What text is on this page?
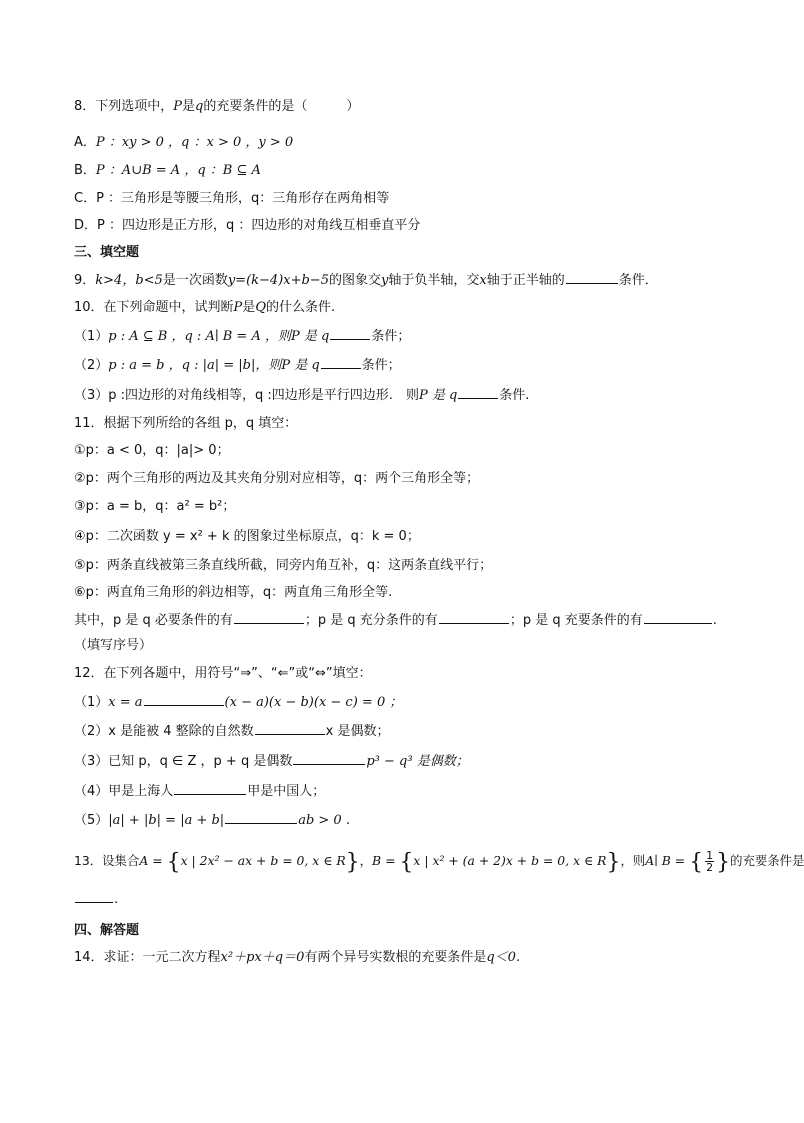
8．下列选项中，P是q的充要条件的是（　　　）
A．P ：xy > 0 ，q ：x > 0 ，y > 0
B．P ：A∪B = A ，q ：B ⊆ A
C．P ：三角形是等腰三角形，q：三角形存在两角相等
D．P ：四边形是正方形，q ：四边形的对角线互相垂直平分
三、填空题
9．k>4，b<5是一次函数y=(k−4)x+b−5的图象交y轴于负半轴，交x轴于正半轴的	条件．
10．在下列命题中，试判断P是Q的什么条件.
（1）p : A ⊆ B ，q : A∣ B = A ，则P 是 q	条件；
（2）p : a = b ，q : |a| = |b|，则P 是 q	条件；
（3）p :四边形的对角线相等，q :四边形是平行四边形.　则P 是 q	条件.
11．根据下列所给的各组 p，q 填空：
①p：a < 0，q：|a|> 0；
②p：两个三角形的两边及其夹角分别对应相等，q：两个三角形全等；
③p：a = b，q：a² = b²；
④p：二次函数 y = x² + k 的图象过坐标原点，q：k = 0；
⑤p：两条直线被第三条直线所截，同旁内角互补，q：这两条直线平行；
⑥p：两直角三角形的斜边相等，q：两直角三角形全等.
其中，p 是 q 必要条件的有	；p 是 q 充分条件的有	；p 是 q 充要条件的有	.
（填写序号）
12．在下列各题中，用符号“⇒”、“⇐”或“⇔”填空：
（1）x = a	(x − a)(x − b)(x − c) = 0 ；
（2）x 是能被 4 整除的自然数	x 是偶数；
（3）已知 p，q ∈ Z ，p + q 是偶数	p³ − q³ 是偶数；
（4）甲是上海人	甲是中国人；
（5）|a| + |b| = |a + b|	ab > 0 .
13．设集合A = {x | 2x² − ax + b = 0, x ∈ R}，B = {x | x² + (a + 2)x + b = 0, x ∈ R}，则A∣ B = { $\frac{1}{2}$ }的充要条件是
.
四、解答题
14．求证：一元二次方程x²＋px＋q＝0有两个异号实数根的充要条件是q＜0.
